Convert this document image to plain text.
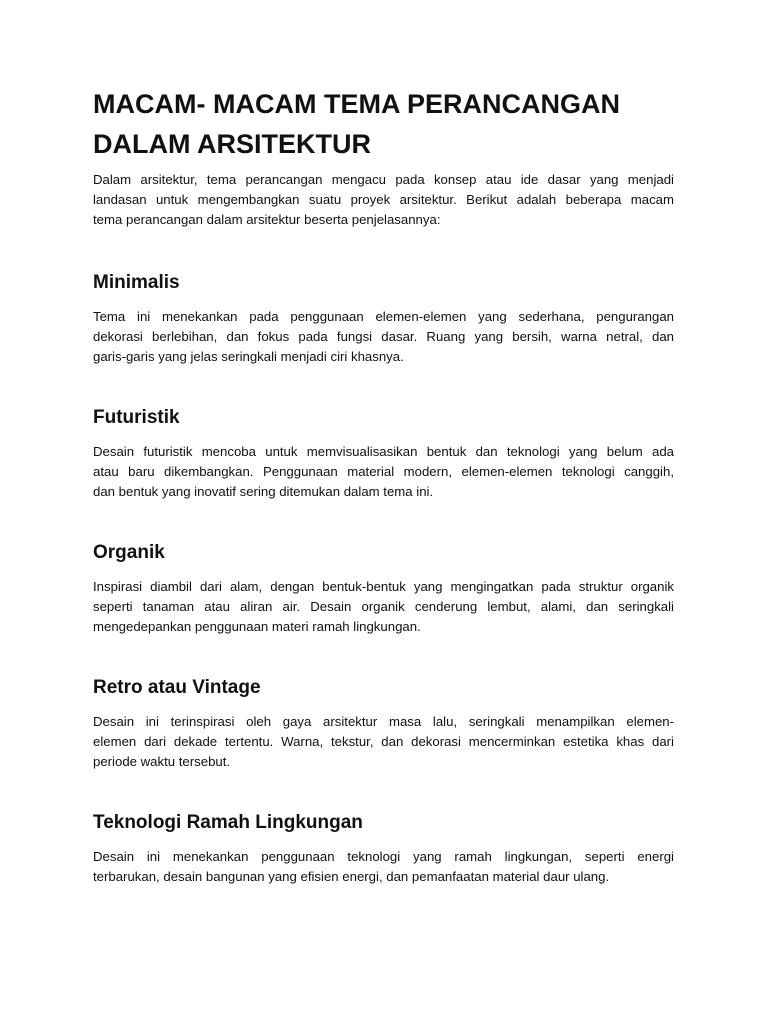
MACAM- MACAM TEMA PERANCANGAN
DALAM ARSITEKTUR
Dalam arsitektur, tema perancangan mengacu pada konsep atau ide dasar yang menjadi
landasan untuk mengembangkan suatu proyek arsitektur. Berikut adalah beberapa macam
tema perancangan dalam arsitektur beserta penjelasannya:
Minimalis
Tema ini menekankan pada penggunaan elemen-elemen yang sederhana, pengurangan
dekorasi berlebihan, dan fokus pada fungsi dasar. Ruang yang bersih, warna netral, dan
garis-garis yang jelas seringkali menjadi ciri khasnya.
Futuristik
Desain futuristik mencoba untuk memvisualisasikan bentuk dan teknologi yang belum ada
atau baru dikembangkan. Penggunaan material modern, elemen-elemen teknologi canggih,
dan bentuk yang inovatif sering ditemukan dalam tema ini.
Organik
Inspirasi diambil dari alam, dengan bentuk-bentuk yang mengingatkan pada struktur organik
seperti tanaman atau aliran air. Desain organik cenderung lembut, alami, dan seringkali
mengedepankan penggunaan materi ramah lingkungan.
Retro atau Vintage
Desain ini terinspirasi oleh gaya arsitektur masa lalu, seringkali menampilkan elemen-
elemen dari dekade tertentu. Warna, tekstur, dan dekorasi mencerminkan estetika khas dari
periode waktu tersebut.
Teknologi Ramah Lingkungan
Desain ini menekankan penggunaan teknologi yang ramah lingkungan, seperti energi
terbarukan, desain bangunan yang efisien energi, dan pemanfaatan material daur ulang.
